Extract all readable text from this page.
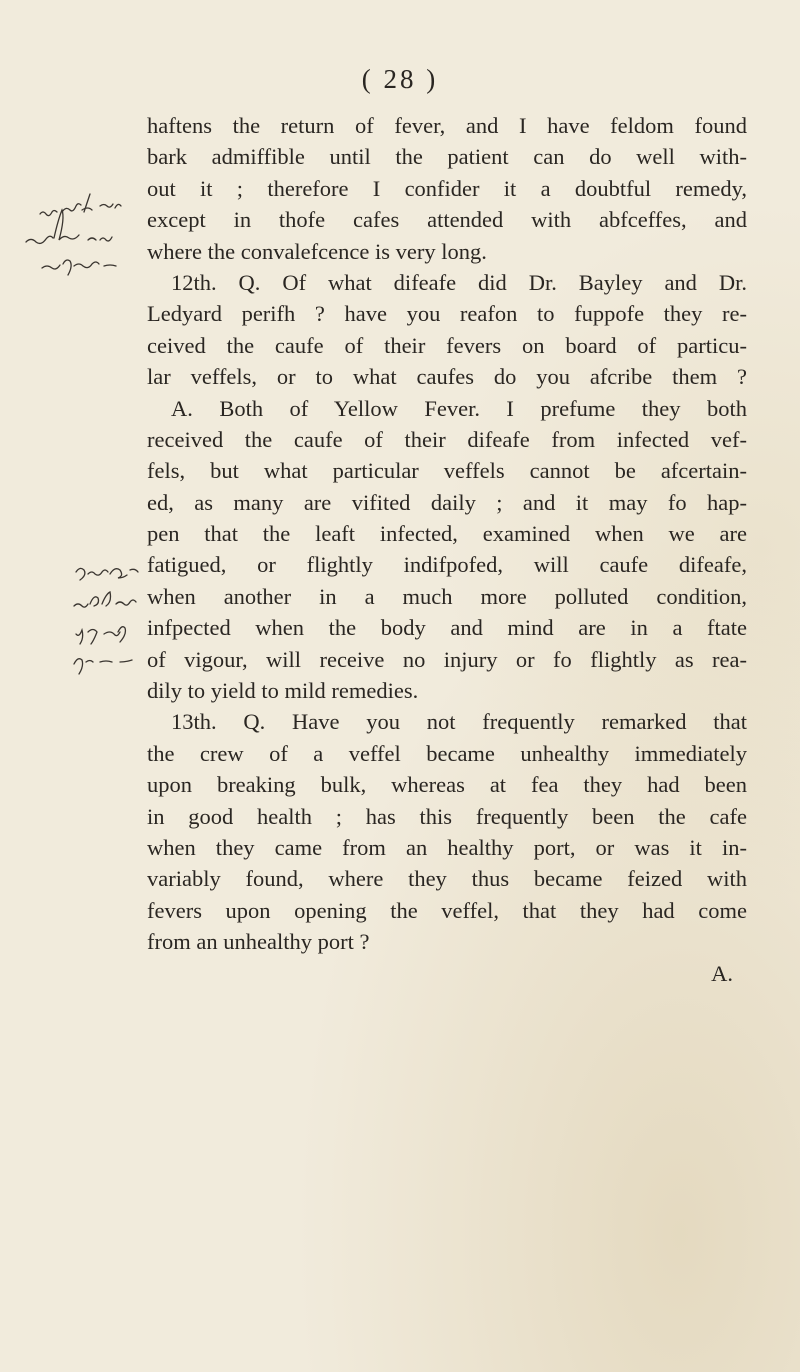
( 28 )
haftens the return of fever, and I have feldom found
bark admiffible until the patient can do well with-
out it ; therefore I confider it a doubtful remedy,
except in thofe cafes attended with abfceffes, and
where the convalefcence is very long.
12th. Q. Of what difeafe did Dr. Bayley and Dr.
Ledyard perifh ? have you reafon to fuppofe they re-
ceived the caufe of their fevers on board of particu-
lar veffels, or to what caufes do you afcribe them ?
A. Both of Yellow Fever. I prefume they both
received the caufe of their difeafe from infected vef-
fels, but what particular veffels cannot be afcertain-
ed, as many are vifited daily ; and it may fo hap-
pen that the leaft infected, examined when we are
fatigued, or flightly indifpofed, will caufe difeafe,
when another in a much more polluted condition,
infpected when the body and mind are in a ftate
of vigour, will receive no injury or fo flightly as rea-
dily to yield to mild remedies.
13th. Q. Have you not frequently remarked that
the crew of a veffel became unhealthy immediately
upon breaking bulk, whereas at fea they had been
in good health ; has this frequently been the cafe
when they came from an healthy port, or was it in-
variably found, where they thus became feized with
fevers upon opening the veffel, that they had come
from an unhealthy port ?
A.
